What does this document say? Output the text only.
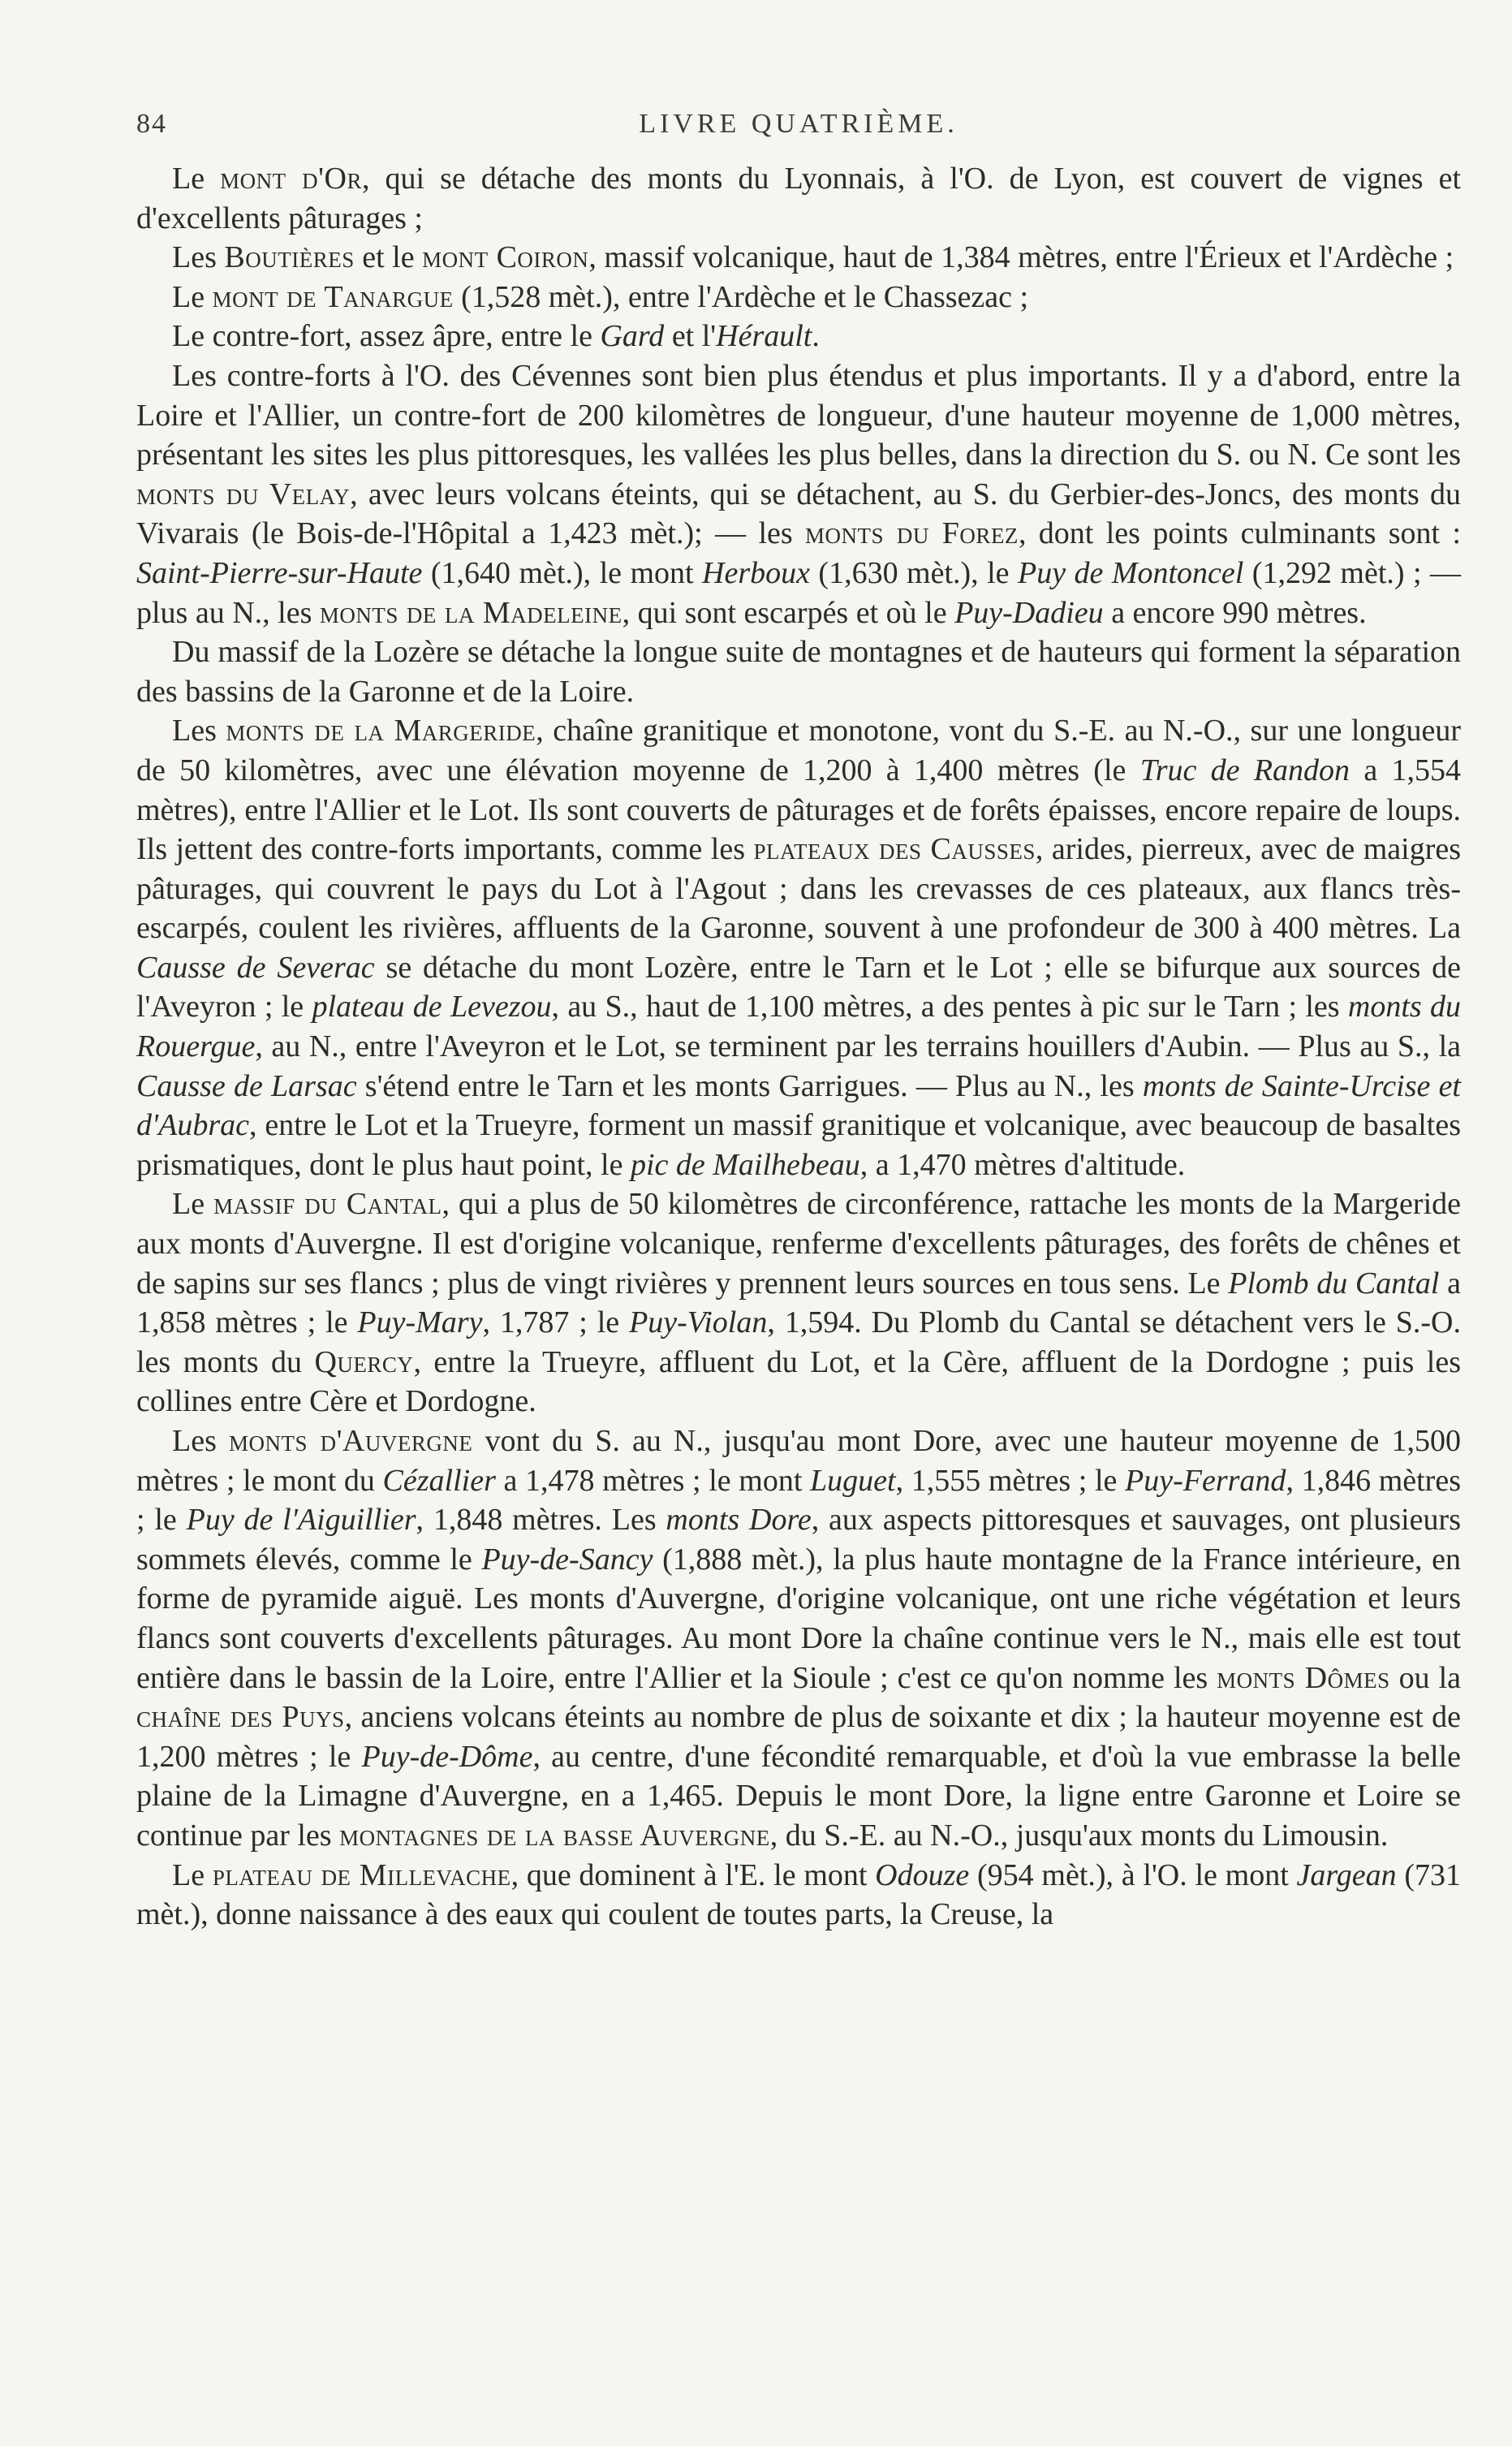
84	LIVRE QUATRIÈME.

Le mont d'Or, qui se détache des monts du Lyonnais, à l'O. de Lyon, est couvert de vignes et d'excellents pâturages ;

Les Boutières et le mont Coiron, massif volcanique, haut de 1,384 mètres, entre l'Érieux et l'Ardèche ;

Le mont de Tanargue (1,528 mèt.), entre l'Ardèche et le Chassezac ;

Le contre-fort, assez âpre, entre le Gard et l'Hérault.

Les contre-forts à l'O. des Cévennes sont bien plus étendus et plus importants. Il y a d'abord, entre la Loire et l'Allier, un contre-fort de 200 kilomètres de longueur, d'une hauteur moyenne de 1,000 mètres, présentant les sites les plus pittoresques, les vallées les plus belles, dans la direction du S. ou N. Ce sont les monts du Velay, avec leurs volcans éteints, qui se détachent, au S. du Gerbier-des-Joncs, des monts du Vivarais (le Bois-de-l'Hôpital a 1,423 mèt.); — les monts du Forez, dont les points culminants sont : Saint-Pierre-sur-Haute (1,640 mèt.), le mont Herboux (1,630 mèt.), le Puy de Montoncel (1,292 mèt.) ; — plus au N., les monts de la Madeleine, qui sont escarpés et où le Puy-Dadieu a encore 990 mètres.

Du massif de la Lozère se détache la longue suite de montagnes et de hauteurs qui forment la séparation des bassins de la Garonne et de la Loire.

Les monts de la Margeride, chaîne granitique et monotone, vont du S.-E. au N.-O., sur une longueur de 50 kilomètres, avec une élévation moyenne de 1,200 à 1,400 mètres (le Truc de Randon a 1,554 mètres), entre l'Allier et le Lot. Ils sont couverts de pâturages et de forêts épaisses, encore repaire de loups. Ils jettent des contre-forts importants, comme les plateaux des Causses, arides, pierreux, avec de maigres pâturages, qui couvrent le pays du Lot à l'Agout ; dans les crevasses de ces plateaux, aux flancs très-escarpés, coulent les rivières, affluents de la Garonne, souvent à une profondeur de 300 à 400 mètres. La Causse de Severac se détache du mont Lozère, entre le Tarn et le Lot ; elle se bifurque aux sources de l'Aveyron ; le plateau de Levezou, au S., haut de 1,100 mètres, a des pentes à pic sur le Tarn ; les monts du Rouergue, au N., entre l'Aveyron et le Lot, se terminent par les terrains houillers d'Aubin. — Plus au S., la Causse de Larsac s'étend entre le Tarn et les monts Garrigues. — Plus au N., les monts de Sainte-Urcise et d'Aubrac, entre le Lot et la Trueyre, forment un massif granitique et volcanique, avec beaucoup de basaltes prismatiques, dont le plus haut point, le pic de Mailhebeau, a 1,470 mètres d'altitude.

Le massif du Cantal, qui a plus de 50 kilomètres de circonférence, rattache les monts de la Margeride aux monts d'Auvergne. Il est d'origine volcanique, renferme d'excellents pâturages, des forêts de chênes et de sapins sur ses flancs ; plus de vingt rivières y prennent leurs sources en tous sens. Le Plomb du Cantal a 1,858 mètres ; le Puy-Mary, 1,787 ; le Puy-Violan, 1,594. Du Plomb du Cantal se détachent vers le S.-O. les monts du Quercy, entre la Trueyre, affluent du Lot, et la Cère, affluent de la Dordogne ; puis les collines entre Cère et Dordogne.

Les monts d'Auvergne vont du S. au N., jusqu'au mont Dore, avec une hauteur moyenne de 1,500 mètres ; le mont du Cézallier a 1,478 mètres ; le mont Luguet, 1,555 mètres ; le Puy-Ferrand, 1,846 mètres ; le Puy de l'Aiguillier, 1,848 mètres. Les monts Dore, aux aspects pittoresques et sauvages, ont plusieurs sommets élevés, comme le Puy-de-Sancy (1,888 mèt.), la plus haute montagne de la France intérieure, en forme de pyramide aiguë. Les monts d'Auvergne, d'origine volcanique, ont une riche végétation et leurs flancs sont couverts d'excellents pâturages. Au mont Dore la chaîne continue vers le N., mais elle est tout entière dans le bassin de la Loire, entre l'Allier et la Sioule ; c'est ce qu'on nomme les monts Dômes ou la chaîne des Puys, anciens volcans éteints au nombre de plus de soixante et dix ; la hauteur moyenne est de 1,200 mètres ; le Puy-de-Dôme, au centre, d'une fécondité remarquable, et d'où la vue embrasse la belle plaine de la Limagne d'Auvergne, en a 1,465. Depuis le mont Dore, la ligne entre Garonne et Loire se continue par les montagnes de la basse Auvergne, du S.-E. au N.-O., jusqu'aux monts du Limousin.

Le plateau de Millevache, que dominent à l'E. le mont Odouze (954 mèt.), à l'O. le mont Jargean (731 mèt.), donne naissance à des eaux qui coulent de toutes parts, la Creuse, la
